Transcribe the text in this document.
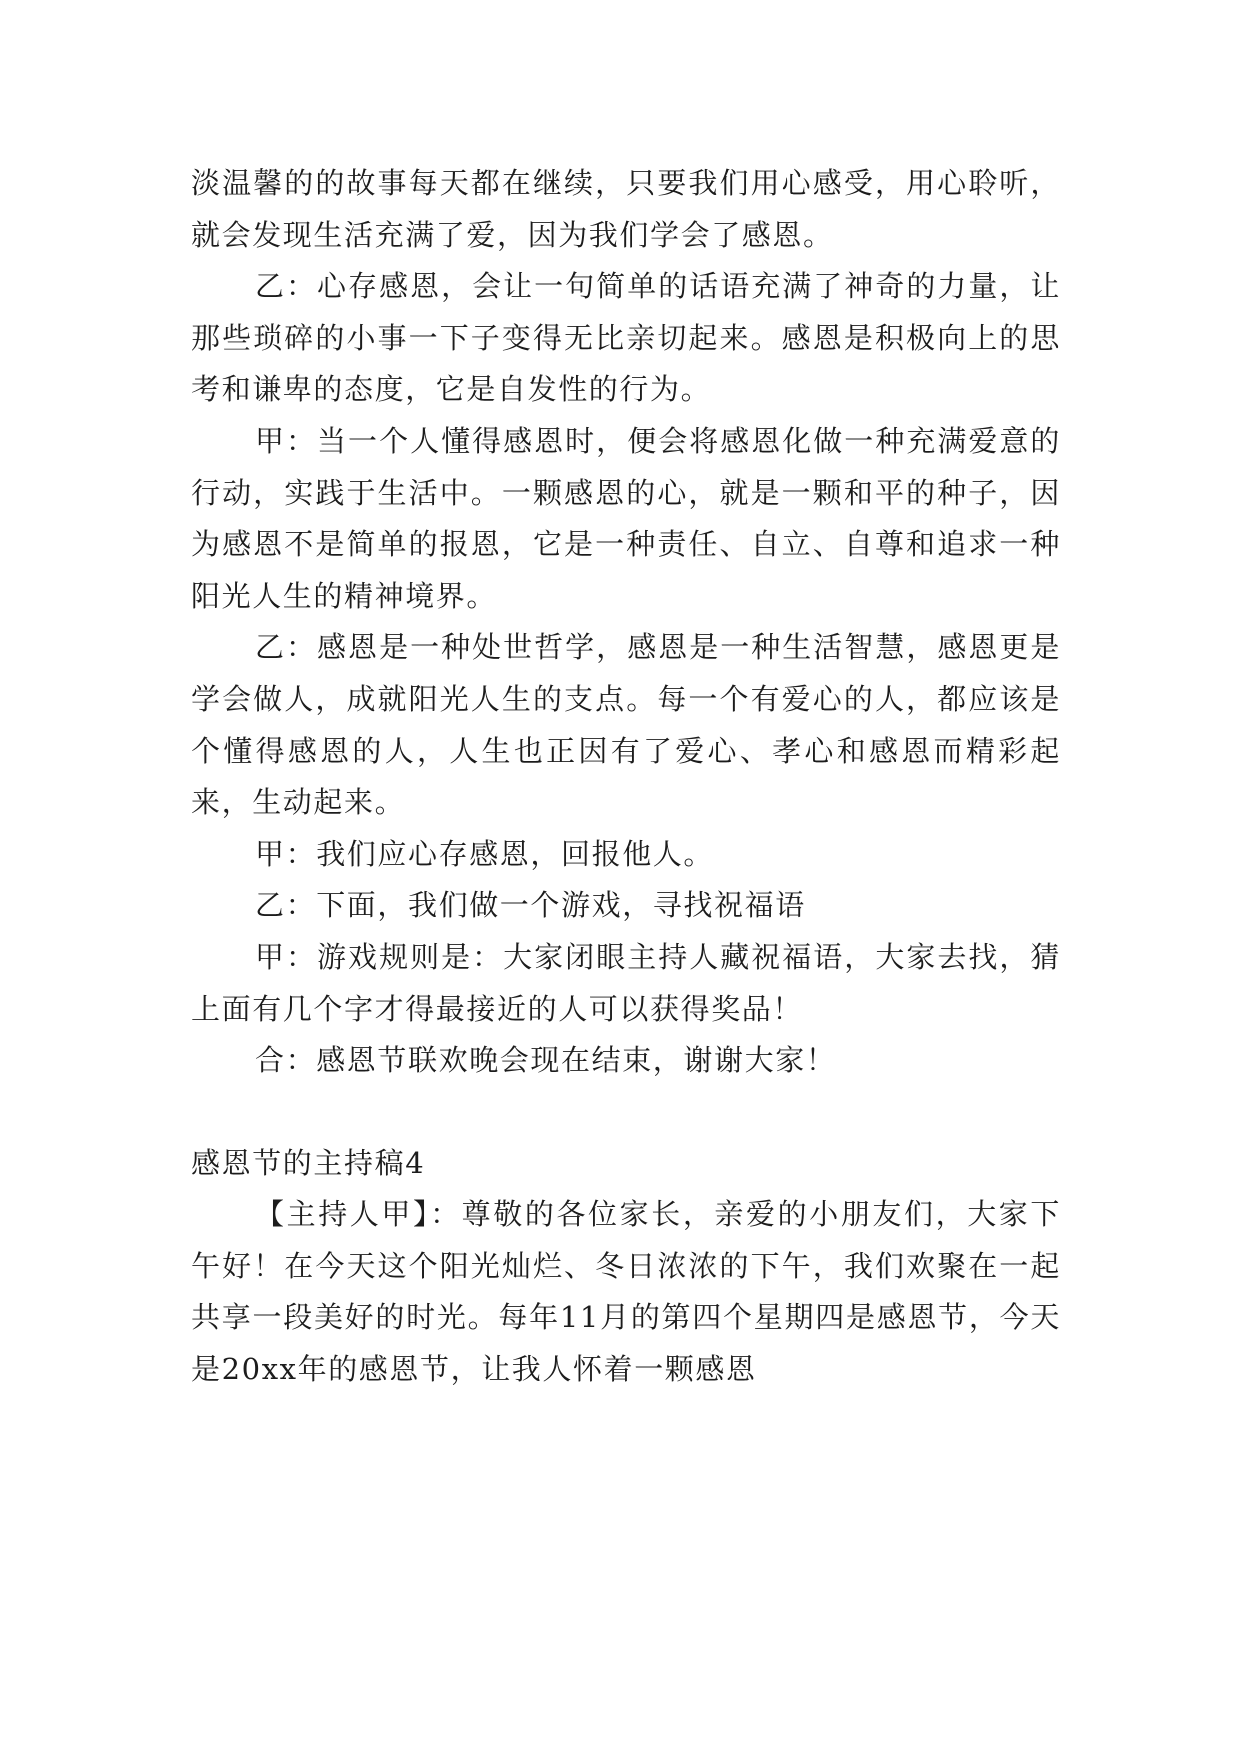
淡温馨的的故事每天都在继续，只要我们用心感受，用心聆听，就会发现生活充满了爱，因为我们学会了感恩。

乙：心存感恩，会让一句简单的话语充满了神奇的力量，让那些琐碎的小事一下子变得无比亲切起来。感恩是积极向上的思考和谦卑的态度，它是自发性的行为。

甲：当一个人懂得感恩时，便会将感恩化做一种充满爱意的行动，实践于生活中。一颗感恩的心，就是一颗和平的种子，因为感恩不是简单的报恩，它是一种责任、自立、自尊和追求一种阳光人生的精神境界。

乙：感恩是一种处世哲学，感恩是一种生活智慧，感恩更是学会做人，成就阳光人生的支点。每一个有爱心的人，都应该是个懂得感恩的人，人生也正因有了爱心、孝心和感恩而精彩起来，生动起来。

甲：我们应心存感恩，回报他人。

乙：下面，我们做一个游戏，寻找祝福语

甲：游戏规则是：大家闭眼主持人藏祝福语，大家去找，猜上面有几个字才得最接近的人可以获得奖品！

合：感恩节联欢晚会现在结束，谢谢大家！

感恩节的主持稿4

【主持人甲】：尊敬的各位家长，亲爱的小朋友们，大家下午好！在今天这个阳光灿烂、冬日浓浓的下午，我们欢聚在一起共享一段美好的时光。每年11月的第四个星期四是感恩节，今天是20xx年的感恩节，让我人怀着一颗感恩
